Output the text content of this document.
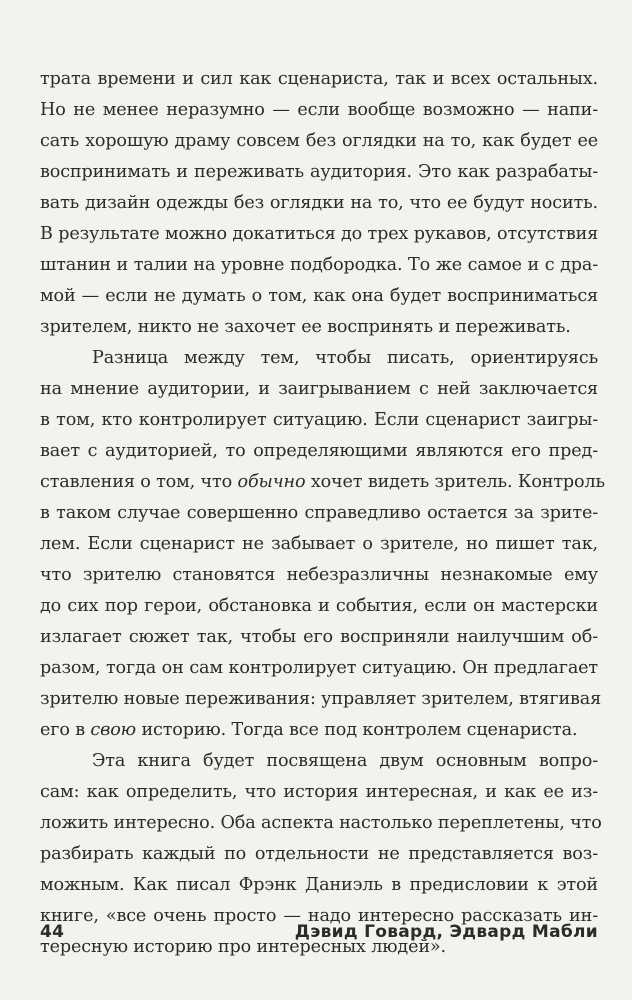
трата времени и сил как сценариста, так и всех остальных.
Но не менее неразумно — если вообще возможно — напи-
сать хорошую драму совсем без оглядки на то, как будет ее
воспринимать и переживать аудитория. Это как разрабаты-
вать дизайн одежды без оглядки на то, что ее будут носить.
В результате можно докатиться до трех рукавов, отсутствия
штанин и талии на уровне подбородка. То же самое и с дра-
мой — если не думать о том, как она будет восприниматься
зрителем, никто не захочет ее воспринять и переживать.
Разница между тем, чтобы писать, ориентируясь
на мнение аудитории, и заигрыванием с ней заключается
в том, кто контролирует ситуацию. Если сценарист заигры-
вает с аудиторией, то определяющими являются его пред-
ставления о том, что обычно хочет видеть зритель. Контроль
в таком случае совершенно справедливо остается за зрите-
лем. Если сценарист не забывает о зрителе, но пишет так,
что зрителю становятся небезразличны незнакомые ему
до сих пор герои, обстановка и события, если он мастерски
излагает сюжет так, чтобы его восприняли наилучшим об-
разом, тогда он сам контролирует ситуацию. Он предлагает
зрителю новые переживания: управляет зрителем, втягивая
его в свою историю. Тогда все под контролем сценариста.
Эта книга будет посвящена двум основным вопро-
сам: как определить, что история интересная, и как ее из-
ложить интересно. Оба аспекта настолько переплетены, что
разбирать каждый по отдельности не представляется воз-
можным. Как писал Фрэнк Даниэль в предисловии к этой
книге, «все очень просто — надо интересно рассказать ин-
тересную историю про интересных людей».
44	Дэвид Говард, Эдвард Мабли
